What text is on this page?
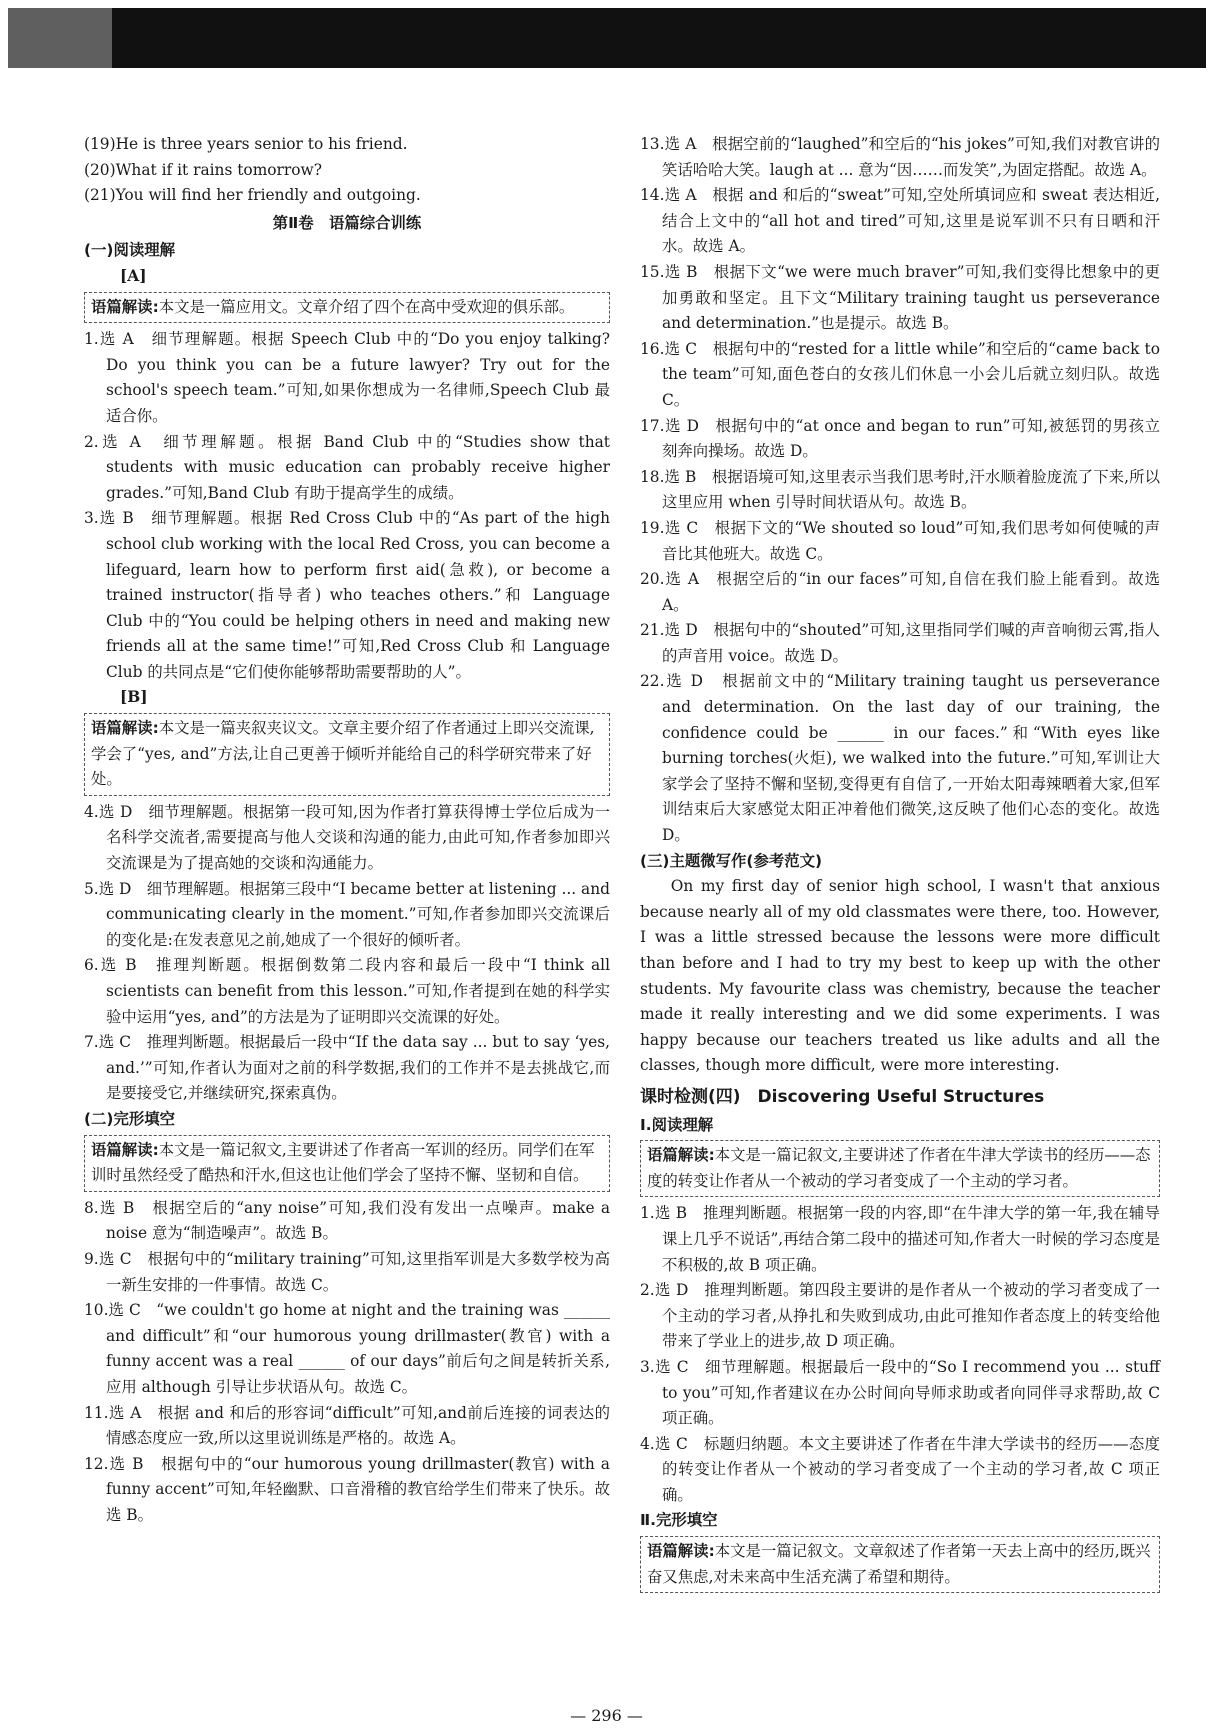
(19)He is three years senior to his friend.

(20)What if it rains tomorrow?

(21)You will find her friendly and outgoing.

第Ⅱ卷　语篇综合训练
(一)阅读理解
[A]
语篇解读:本文是一篇应用文。文章介绍了四个在高中受欢迎的俱乐部。

1.选 A　细节理解题。根据 Speech Club 中的“Do you enjoy talking? Do you think you can be a future lawyer? Try out for the school's speech team.”可知,如果你想成为一名律师,Speech Club 最适合你。

2.选 A　细节理解题。根据 Band Club 中的“Studies show that students with music education can probably receive higher grades.”可知,Band Club 有助于提高学生的成绩。

3.选 B　细节理解题。根据 Red Cross Club 中的“As part of the high school club working with the local Red Cross, you can become a lifeguard, learn how to perform first aid(急救), or become a trained instructor(指导者) who teaches others.”和 Language Club 中的“You could be helping others in need and making new friends all at the same time!”可知,Red Cross Club 和 Language Club 的共同点是“它们使你能够帮助需要帮助的人”。

[B]
语篇解读:本文是一篇夹叙夹议文。文章主要介绍了作者通过上即兴交流课,学会了“yes, and”方法,让自己更善于倾听并能给自己的科学研究带来了好处。

4.选 D　细节理解题。根据第一段可知,因为作者打算获得博士学位后成为一名科学交流者,需要提高与他人交谈和沟通的能力,由此可知,作者参加即兴交流课是为了提高她的交谈和沟通能力。

5.选 D　细节理解题。根据第三段中“I became better at listening ... and communicating clearly in the moment.”可知,作者参加即兴交流课后的变化是:在发表意见之前,她成了一个很好的倾听者。

6.选 B　推理判断题。根据倒数第二段内容和最后一段中“I think all scientists can benefit from this lesson.”可知,作者提到在她的科学实验中运用“yes, and”的方法是为了证明即兴交流课的好处。

7.选 C　推理判断题。根据最后一段中“If the data say ... but to say ‘yes, and.’”可知,作者认为面对之前的科学数据,我们的工作并不是去挑战它,而是要接受它,并继续研究,探索真伪。

(二)完形填空
语篇解读:本文是一篇记叙文,主要讲述了作者高一军训的经历。同学们在军训时虽然经受了酷热和汗水,但这也让他们学会了坚持不懈、坚韧和自信。

8.选 B　根据空后的“any noise”可知,我们没有发出一点噪声。make a noise 意为“制造噪声”。故选 B。

9.选 C　根据句中的“military training”可知,这里指军训是大多数学校为高一新生安排的一件事情。故选 C。

10.选 C　“we couldn't go home at night and the training was ______ and difficult”和“our humorous young drillmaster(教官) with a funny accent was a real ______ of our days”前后句之间是转折关系,应用 although 引导让步状语从句。故选 C。

11.选 A　根据 and 和后的形容词“difficult”可知,and前后连接的词表达的情感态度应一致,所以这里说训练是严格的。故选 A。

12.选 B　根据句中的“our humorous young drillmaster(教官) with a funny accent”可知,年轻幽默、口音滑稽的教官给学生们带来了快乐。故选 B。

13.选 A　根据空前的“laughed”和空后的“his jokes”可知,我们对教官讲的笑话哈哈大笑。laugh at ... 意为“因……而发笑”,为固定搭配。故选 A。

14.选 A　根据 and 和后的“sweat”可知,空处所填词应和 sweat 表达相近,结合上文中的“all hot and tired”可知,这里是说军训不只有日晒和汗水。故选 A。

15.选 B　根据下文“we were much braver”可知,我们变得比想象中的更加勇敢和坚定。且下文“Military training taught us perseverance and determination.”也是提示。故选 B。

16.选 C　根据句中的“rested for a little while”和空后的“came back to the team”可知,面色苍白的女孩儿们休息一小会儿后就立刻归队。故选 C。

17.选 D　根据句中的“at once and began to run”可知,被惩罚的男孩立刻奔向操场。故选 D。

18.选 B　根据语境可知,这里表示当我们思考时,汗水顺着脸庞流了下来,所以这里应用 when 引导时间状语从句。故选 B。

19.选 C　根据下文的“We shouted so loud”可知,我们思考如何使喊的声音比其他班大。故选 C。

20.选 A　根据空后的“in our faces”可知,自信在我们脸上能看到。故选 A。

21.选 D　根据句中的“shouted”可知,这里指同学们喊的声音响彻云霄,指人的声音用 voice。故选 D。

22.选 D　根据前文中的“Military training taught us perseverance and determination. On the last day of our training, the confidence could be ______ in our faces.”和“With eyes like burning torches(火炬), we walked into the future.”可知,军训让大家学会了坚持不懈和坚韧,变得更有自信了,一开始太阳毒辣晒着大家,但军训结束后大家感觉太阳正冲着他们微笑,这反映了他们心态的变化。故选 D。

(三)主题微写作(参考范文)

On my first day of senior high school, I wasn't that anxious because nearly all of my old classmates were there, too. However, I was a little stressed because the lessons were more difficult than before and I had to try my best to keep up with the other students. My favourite class was chemistry, because the teacher made it really interesting and we did some experiments. I was happy because our teachers treated us like adults and all the classes, though more difficult, were more interesting.

课时检测(四)　Discovering Useful Structures
Ⅰ.阅读理解
语篇解读:本文是一篇记叙文,主要讲述了作者在牛津大学读书的经历——态度的转变让作者从一个被动的学习者变成了一个主动的学习者。

1.选 B　推理判断题。根据第一段的内容,即“在牛津大学的第一年,我在辅导课上几乎不说话”,再结合第二段中的描述可知,作者大一时候的学习态度是不积极的,故 B 项正确。

2.选 D　推理判断题。第四段主要讲的是作者从一个被动的学习者变成了一个主动的学习者,从挣扎和失败到成功,由此可推知作者态度上的转变给他带来了学业上的进步,故 D 项正确。

3.选 C　细节理解题。根据最后一段中的“So I recommend you ... stuff to you”可知,作者建议在办公时间向导师求助或者向同伴寻求帮助,故 C 项正确。

4.选 C　标题归纳题。本文主要讲述了作者在牛津大学读书的经历——态度的转变让作者从一个被动的学习者变成了一个主动的学习者,故 C 项正确。

Ⅱ.完形填空
语篇解读:本文是一篇记叙文。文章叙述了作者第一天去上高中的经历,既兴奋又焦虑,对未来高中生活充满了希望和期待。
— 296 —
